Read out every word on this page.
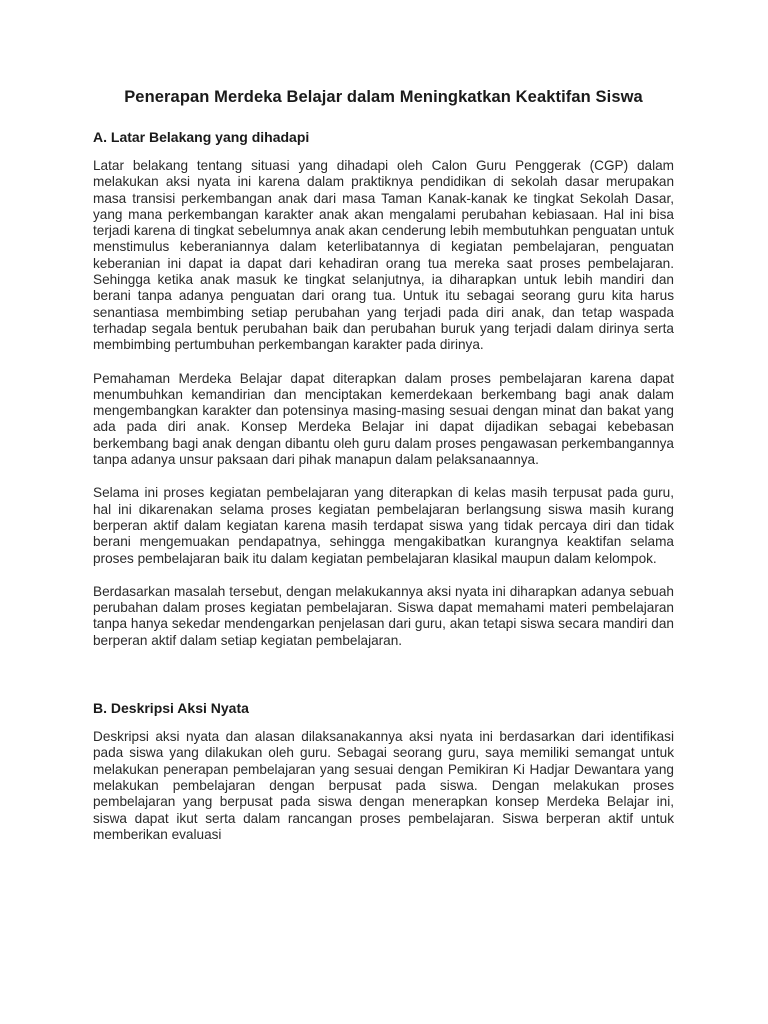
Penerapan Merdeka Belajar dalam Meningkatkan Keaktifan Siswa
A. Latar Belakang yang dihadapi

Latar belakang tentang situasi yang dihadapi oleh Calon Guru Penggerak (CGP) dalam melakukan aksi nyata ini karena dalam praktiknya pendidikan di sekolah dasar merupakan masa transisi perkembangan anak dari masa Taman Kanak-kanak ke tingkat Sekolah Dasar, yang mana perkembangan karakter anak akan mengalami perubahan kebiasaan. Hal ini bisa terjadi karena di tingkat sebelumnya anak akan cenderung lebih membutuhkan penguatan untuk menstimulus keberaniannya dalam keterlibatannya di kegiatan pembelajaran, penguatan keberanian ini dapat ia dapat dari kehadiran orang tua mereka saat proses pembelajaran. Sehingga ketika anak masuk ke tingkat selanjutnya, ia diharapkan untuk lebih mandiri dan berani tanpa adanya penguatan dari orang tua. Untuk itu sebagai seorang guru kita harus senantiasa membimbing setiap perubahan yang terjadi pada diri anak, dan tetap waspada terhadap segala bentuk perubahan baik dan perubahan buruk yang terjadi dalam dirinya serta membimbing pertumbuhan perkembangan karakter pada dirinya.

Pemahaman Merdeka Belajar dapat diterapkan dalam proses pembelajaran karena dapat menumbuhkan kemandirian dan menciptakan kemerdekaan berkembang bagi anak dalam mengembangkan karakter dan potensinya masing-masing sesuai dengan minat dan bakat yang ada pada diri anak. Konsep Merdeka Belajar ini dapat dijadikan sebagai kebebasan berkembang bagi anak dengan dibantu oleh guru dalam proses pengawasan perkembangannya tanpa adanya unsur paksaan dari pihak manapun dalam pelaksanaannya.

Selama ini proses kegiatan pembelajaran yang diterapkan di kelas masih terpusat pada guru, hal ini dikarenakan selama proses kegiatan pembelajaran berlangsung siswa masih kurang berperan aktif dalam kegiatan karena masih terdapat siswa yang tidak percaya diri dan tidak berani mengemuakan pendapatnya, sehingga mengakibatkan kurangnya keaktifan selama proses pembelajaran baik itu dalam kegiatan pembelajaran klasikal maupun dalam kelompok.

Berdasarkan masalah tersebut, dengan melakukannya aksi nyata ini diharapkan adanya sebuah perubahan dalam proses kegiatan pembelajaran. Siswa dapat memahami materi pembelajaran tanpa hanya sekedar mendengarkan penjelasan dari guru, akan tetapi siswa secara mandiri dan berperan aktif dalam setiap kegiatan pembelajaran.

B. Deskripsi Aksi Nyata

Deskripsi aksi nyata dan alasan dilaksanakannya aksi nyata ini berdasarkan dari identifikasi pada siswa yang dilakukan oleh guru. Sebagai seorang guru, saya memiliki semangat untuk melakukan penerapan pembelajaran yang sesuai dengan Pemikiran Ki Hadjar Dewantara yang melakukan pembelajaran dengan berpusat pada siswa. Dengan melakukan proses pembelajaran yang berpusat pada siswa dengan menerapkan konsep Merdeka Belajar ini, siswa dapat ikut serta dalam rancangan proses pembelajaran. Siswa berperan aktif untuk memberikan evaluasi
